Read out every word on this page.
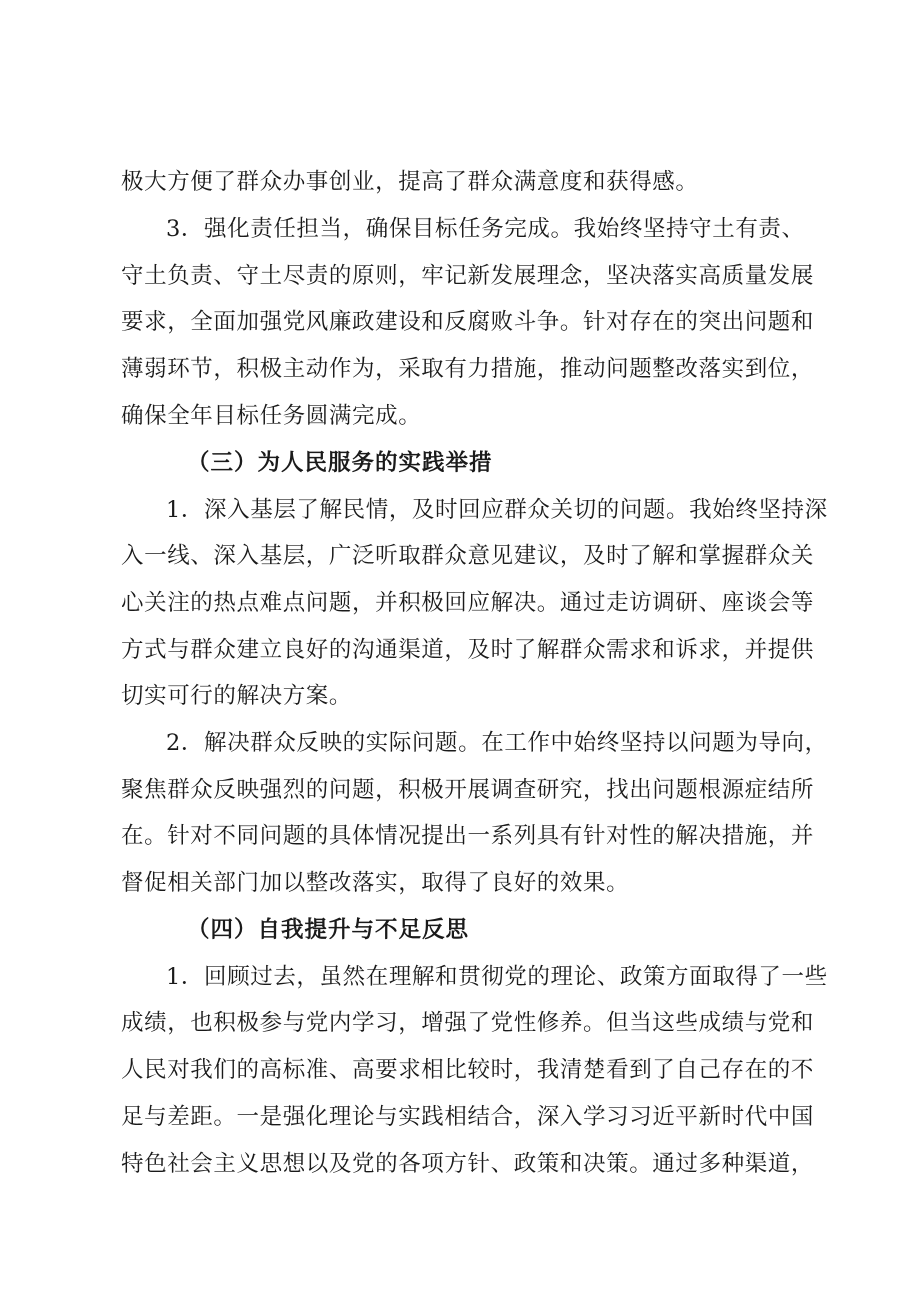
极大方便了群众办事创业，提高了群众满意度和获得感。
3．强化责任担当，确保目标任务完成。我始终坚持守土有责、
守土负责、守土尽责的原则，牢记新发展理念，坚决落实高质量发展
要求，全面加强党风廉政建设和反腐败斗争。针对存在的突出问题和
薄弱环节，积极主动作为，采取有力措施，推动问题整改落实到位，
确保全年目标任务圆满完成。
（三）为人民服务的实践举措
1．深入基层了解民情，及时回应群众关切的问题。我始终坚持深
入一线、深入基层，广泛听取群众意见建议，及时了解和掌握群众关
心关注的热点难点问题，并积极回应解决。通过走访调研、座谈会等
方式与群众建立良好的沟通渠道，及时了解群众需求和诉求，并提供
切实可行的解决方案。
2．解决群众反映的实际问题。在工作中始终坚持以问题为导向，
聚焦群众反映强烈的问题，积极开展调查研究，找出问题根源症结所
在。针对不同问题的具体情况提出一系列具有针对性的解决措施，并
督促相关部门加以整改落实，取得了良好的效果。
（四）自我提升与不足反思
1．回顾过去，虽然在理解和贯彻党的理论、政策方面取得了一些
成绩，也积极参与党内学习，增强了党性修养。但当这些成绩与党和
人民对我们的高标准、高要求相比较时，我清楚看到了自己存在的不
足与差距。一是强化理论与实践相结合，深入学习习近平新时代中国
特色社会主义思想以及党的各项方针、政策和决策。通过多种渠道，
